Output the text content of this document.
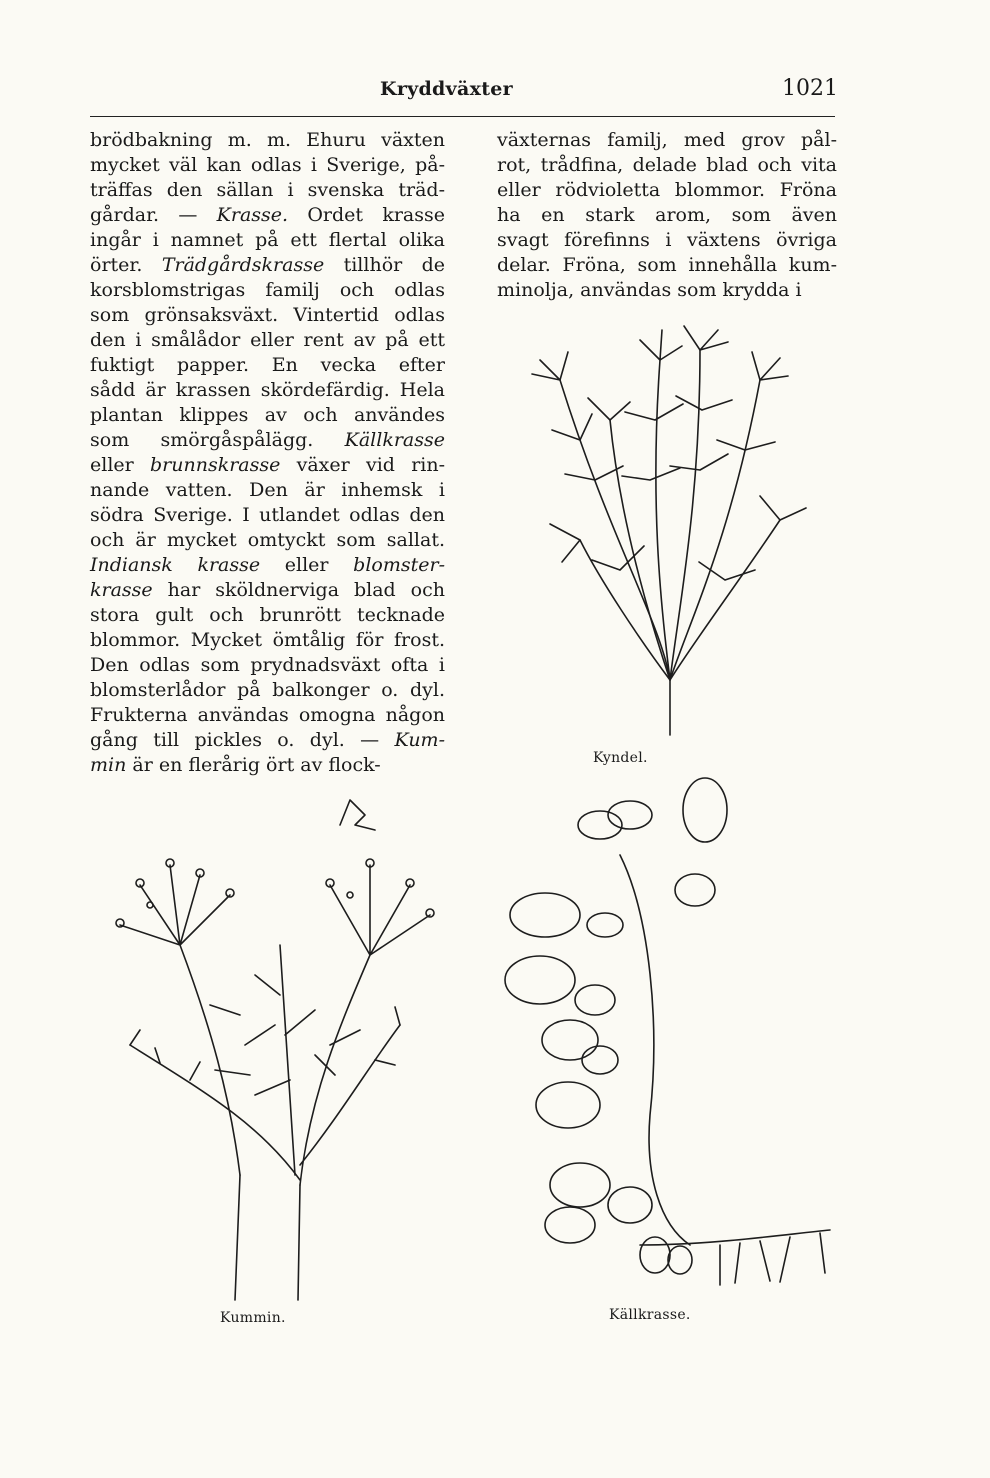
Kryddväxter	1021
brödbakning m. m. Ehuru växten
mycket väl kan odlas i Sverige, på-
träffas den sällan i svenska träd-
gårdar. — Krasse. Ordet krasse
ingår i namnet på ett flertal olika
örter. Trädgårdskrasse tillhör de
korsblomstrigas familj och odlas
som grönsaksväxt. Vintertid odlas
den i smålådor eller rent av på ett
fuktigt papper. En vecka efter
sådd är krassen skördefärdig. Hela
plantan klippes av och användes
som smörgåspålägg. Källkrasse
eller brunnskrasse växer vid rin-
nande vatten. Den är inhemsk i
södra Sverige. I utlandet odlas den
och är mycket omtyckt som sallat.
Indiansk krasse eller blomster-
krasse har sköldnerviga blad och
stora gult och brunrött tecknade
blommor. Mycket ömtålig för frost.
Den odlas som prydnadsväxt ofta i
blomsterlådor på balkonger o. dyl.
Frukterna användas omogna någon
gång till pickles o. dyl. — Kum-
min är en flerårig ört av flock-
växternas familj, med grov pål-
rot, trådfina, delade blad och vita
eller rödvioletta blommor. Fröna
ha en stark arom, som även
svagt förefinns i växtens övriga
delar. Fröna, som innehålla kum-
minolja, användas som krydda i
Kyndel.
Kummin.	Källkrasse.
